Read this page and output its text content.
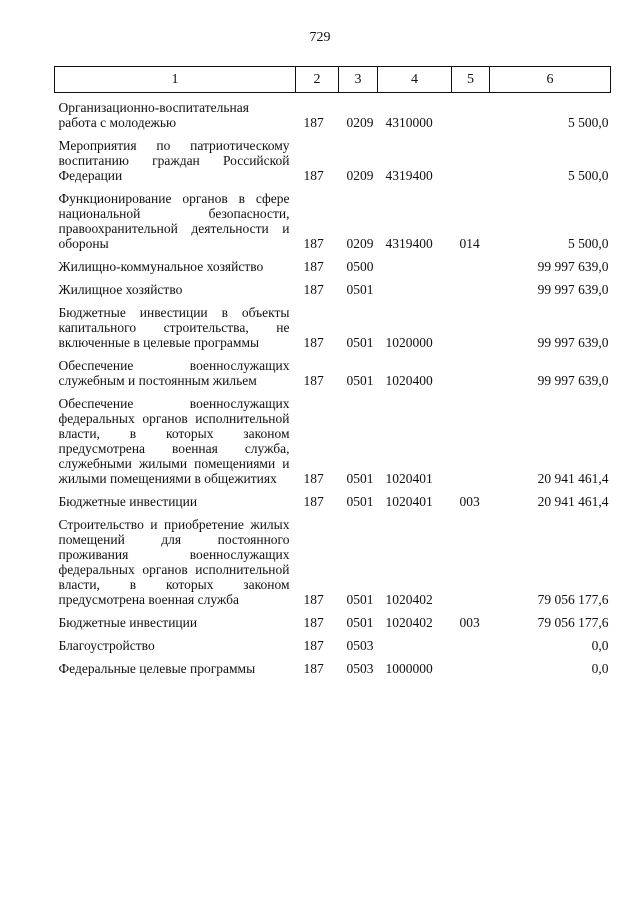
729
1	2	3	4	5	6
Организационно-воспитательная работа с молодежью	187	0209	4310000		5 500,0
Мероприятия по патриотическому воспитанию граждан Российской Федерации	187	0209	4319400		5 500,0
Функционирование органов в сфере национальной безопасности, правоохранительной деятельности и обороны	187	0209	4319400	014	5 500,0
Жилищно-коммунальное хозяйство	187	0500			99 997 639,0
Жилищное хозяйство	187	0501			99 997 639,0
Бюджетные инвестиции в объекты капитального строительства, не включенные в целевые программы	187	0501	1020000		99 997 639,0
Обеспечение военнослужащих служебным и постоянным жильем	187	0501	1020400		99 997 639,0
Обеспечение военнослужащих федеральных органов исполнительной власти, в которых законом предусмотрена военная служба, служебными жилыми помещениями и жилыми помещениями в общежитиях	187	0501	1020401		20 941 461,4
Бюджетные инвестиции	187	0501	1020401	003	20 941 461,4
Строительство и приобретение жилых помещений для постоянного проживания военнослужащих федеральных органов исполнительной власти, в которых законом предусмотрена военная служба	187	0501	1020402		79 056 177,6
Бюджетные инвестиции	187	0501	1020402	003	79 056 177,6
Благоустройство	187	0503			0,0
Федеральные целевые программы	187	0503	1000000		0,0
